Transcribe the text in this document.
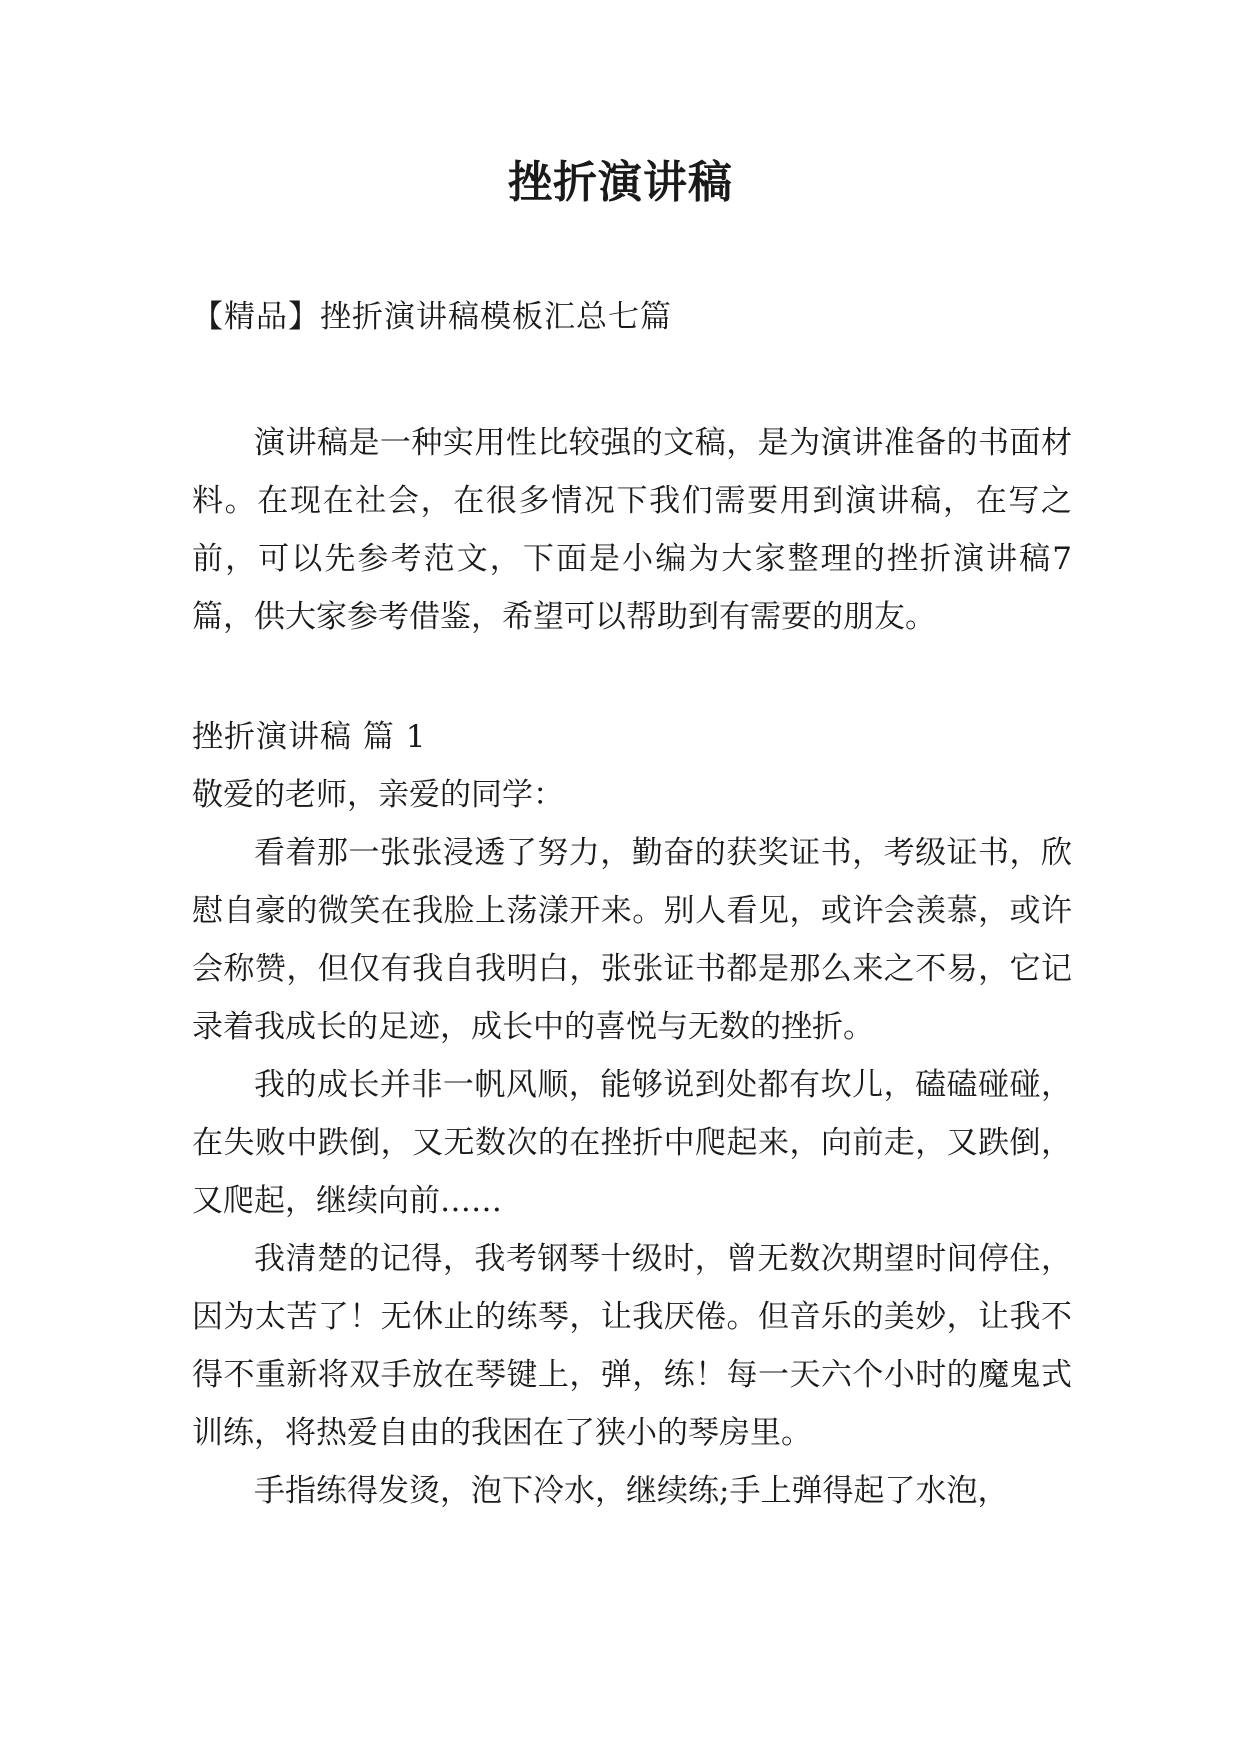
挫折演讲稿

【精品】挫折演讲稿模板汇总七篇

演讲稿是一种实用性比较强的文稿，是为演讲准备的书面材料。在现在社会，在很多情况下我们需要用到演讲稿，在写之前，可以先参考范文，下面是小编为大家整理的挫折演讲稿7篇，供大家参考借鉴，希望可以帮助到有需要的朋友。

挫折演讲稿 篇 1

敬爱的老师，亲爱的同学：

看着那一张张浸透了努力，勤奋的获奖证书，考级证书，欣慰自豪的微笑在我脸上荡漾开来。别人看见，或许会羡慕，或许会称赞，但仅有我自我明白，张张证书都是那么来之不易，它记录着我成长的足迹，成长中的喜悦与无数的挫折。

我的成长并非一帆风顺，能够说到处都有坎儿，磕磕碰碰，在失败中跌倒，又无数次的在挫折中爬起来，向前走，又跌倒，又爬起，继续向前……

我清楚的记得，我考钢琴十级时，曾无数次期望时间停住，因为太苦了！无休止的练琴，让我厌倦。但音乐的美妙，让我不得不重新将双手放在琴键上，弹，练！每一天六个小时的魔鬼式训练，将热爱自由的我困在了狭小的琴房里。

手指练得发烫，泡下冷水，继续练;手上弹得起了水泡，
